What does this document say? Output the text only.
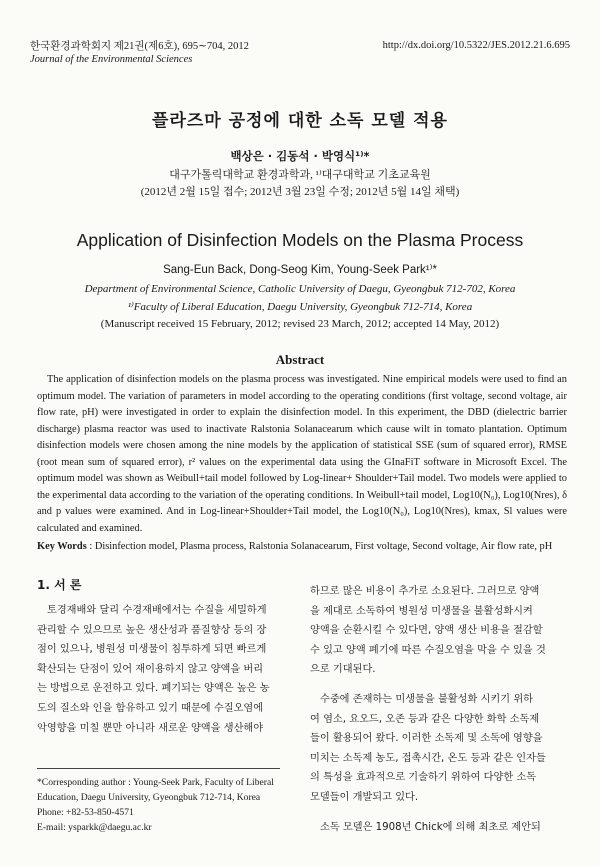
한국환경과학회지 제21권(제6호), 695∼704, 2012
Journal of the Environmental Sciences
http://dx.doi.org/10.5322/JES.2012.21.6.695
플라즈마 공정에 대한 소독 모델 적용
백상은 · 김동석 · 박영식¹⁾*
대구가톨릭대학교 환경과학과, ¹⁾대구대학교 기초교육원
(2012년 2월 15일 접수; 2012년 3월 23일 수정; 2012년 5월 14일 채택)
Application of Disinfection Models on the Plasma Process
Sang-Eun Back, Dong-Seog Kim, Young-Seek Park¹⁾*
Department of Environmental Science, Catholic University of Daegu, Gyeongbuk 712-702, Korea
¹⁾Faculty of Liberal Education, Daegu University, Gyeongbuk 712-714, Korea
(Manuscript received 15 February, 2012; revised 23 March, 2012; accepted 14 May, 2012)
Abstract
The application of disinfection models on the plasma process was investigated. Nine empirical models were used to find an optimum model. The variation of parameters in model according to the operating conditions (first voltage, second voltage, air flow rate, pH) were investigated in order to explain the disinfection model. In this experiment, the DBD (dielectric barrier discharge) plasma reactor was used to inactivate Ralstonia Solanacearum which cause wilt in tomato plantation. Optimum disinfection models were chosen among the nine models by the application of statistical SSE (sum of squared error), RMSE (root mean sum of squared error), r² values on the experimental data using the GInaFiT software in Microsoft Excel. The optimum model was shown as Weibull+tail model followed by Log-linear+ Shoulder+Tail model. Two models were applied to the experimental data according to the variation of the operating conditions. In Weibull+tail model, Log10(N₀), Log10(Nres), δ and p values were examined. And in Log-linear+Shoulder+Tail model, the Log10(N₀), Log10(Nres), kmax, Sl values were calculated and examined.
Key Words : Disinfection model, Plasma process, Ralstonia Solanacearum, First voltage, Second voltage, Air flow rate, pH
1. 서 론
토경재배와 달리 수경재배에서는 수질을 세밀하게
관리할 수 있으므로 높은 생산성과 품질향상 등의 장
점이 있으나, 병원성 미생물이 침투하게 되면 빠르게
확산되는 단점이 있어 재이용하지 않고 양액을 버리
는 방법으로 운전하고 있다. 폐기되는 양액은 높은 농
도의 질소와 인을 함유하고 있기 때문에 수질오염에
악영향을 미칠 뿐만 아니라 새로운 양액을 생산해야
하므로 많은 비용이 추가로 소요된다. 그러므로 양액
을 제대로 소독하여 병원성 미생물을 불활성화시켜
양액을 순환시킬 수 있다면, 양액 생산 비용을 절감할
수 있고 양액 폐기에 따른 수질오염을 막을 수 있을 것
으로 기대된다.
수중에 존재하는 미생물을 불활성화 시키기 위하
여 염소, 요오드, 오존 등과 같은 다양한 화학 소독제
들이 활용되어 왔다. 이러한 소독제 및 소독에 영향을
미치는 소독제 농도, 접촉시간, 온도 등과 같은 인자들
의 특성을 효과적으로 기술하기 위하여 다양한 소독
모델들이 개발되고 있다.
소독 모델은 1908년 Chick에 의해 최초로 제안되
*Corresponding author : Young-Seek Park, Faculty of Liberal
Education, Daegu University, Gyeongbuk 712-714, Korea
Phone: +82-53-850-4571
E-mail: ysparkk@daegu.ac.kr
